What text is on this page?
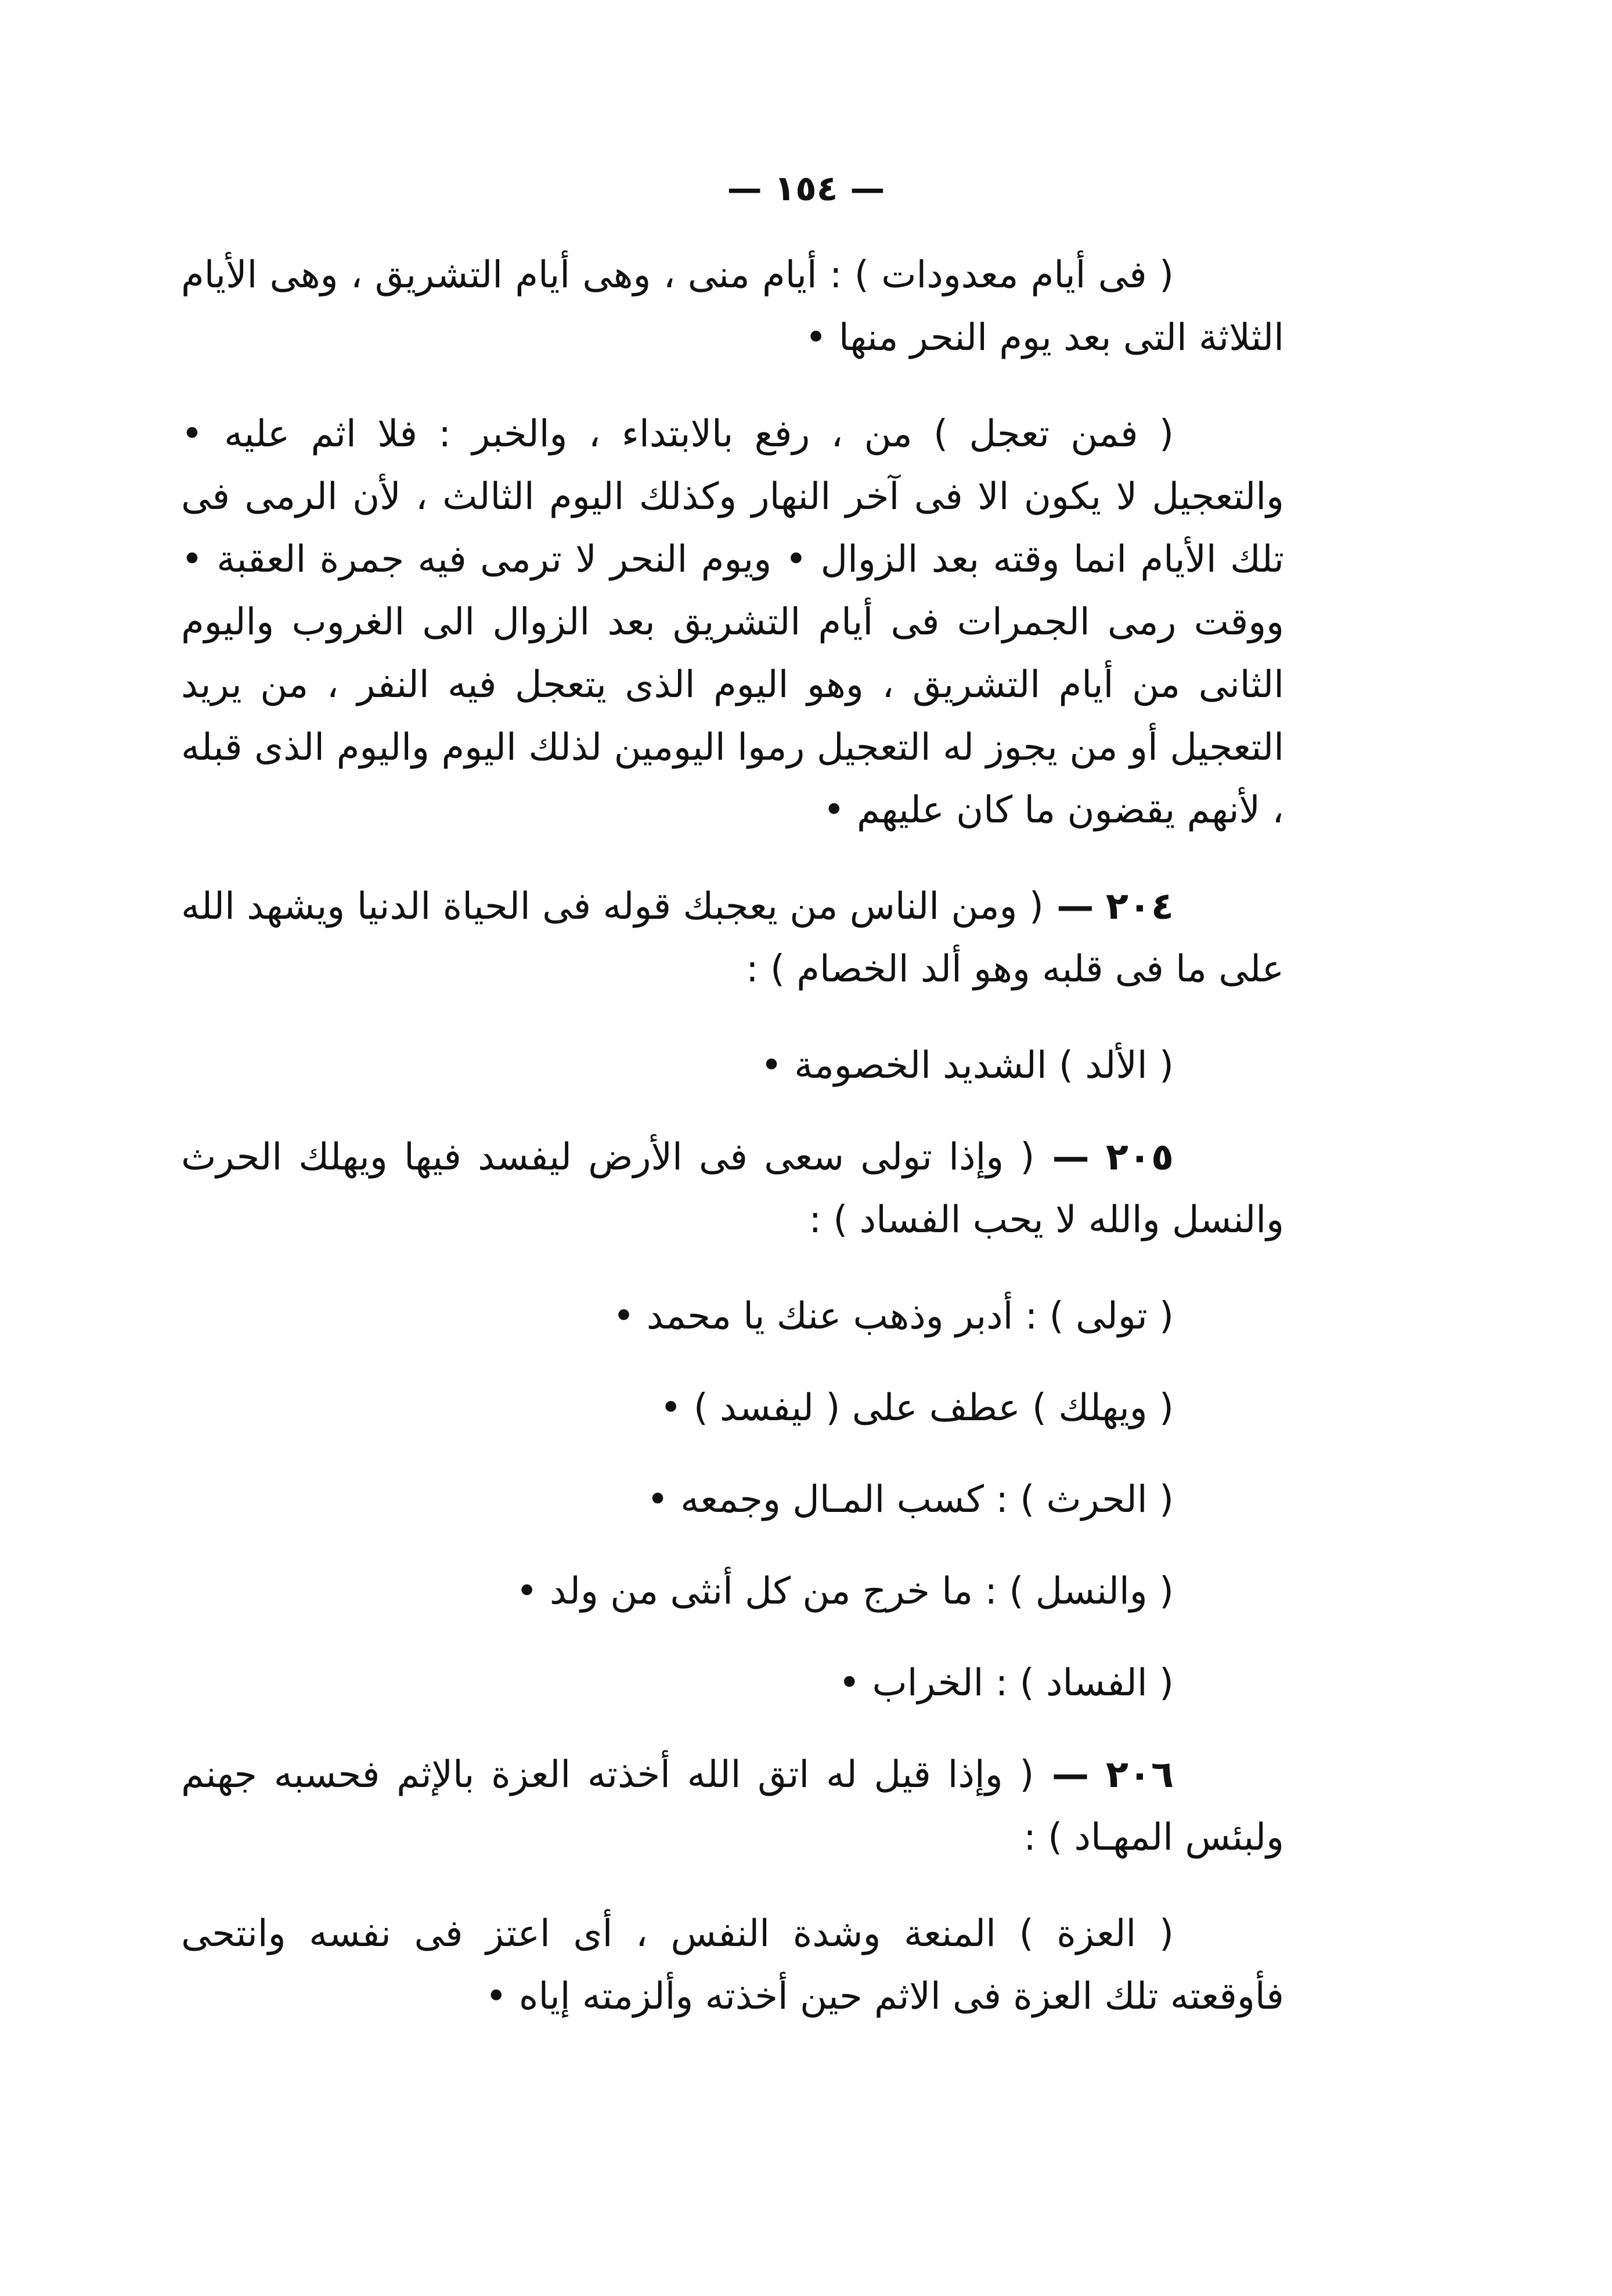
— ١٥٤ —

( فى أيام معدودات ) : أيام منى ، وهى أيام التشريق ، وهى الأيام الثلاثة التى بعد يوم النحر منها •

( فمن تعجل ) من ، رفع بالابتداء ، والخبر : فلا اثم عليه • والتعجيل لا يكون الا فى آخر النهار وكذلك اليوم الثالث ، لأن الرمى فى تلك الأيام انما وقته بعد الزوال • ويوم النحر لا ترمى فيه جمرة العقبة • ووقت رمى الجمرات فى أيام التشريق بعد الزوال الى الغروب واليوم الثانى من أيام التشريق ، وهو اليوم الذى يتعجل فيه النفر ، من يريد التعجيل أو من يجوز له التعجيل رموا اليومين لذلك اليوم واليوم الذى قبله ، لأنهم يقضون ما كان عليهم •

٢٠٤ — ( ومن الناس من يعجبك قوله فى الحياة الدنيا ويشهد الله على ما فى قلبه وهو ألد الخصام ) :

( الألد ) الشديد الخصومة •

٢٠٥ — ( وإذا تولى سعى فى الأرض ليفسد فيها ويهلك الحرث والنسل والله لا يحب الفساد ) :

( تولى ) : أدبر وذهب عنك يا محمد •

( ويهلك ) عطف على ( ليفسد ) •

( الحرث ) : كسب المـال وجمعه •

( والنسل ) : ما خرج من كل أنثى من ولد •

( الفساد ) : الخراب •

٢٠٦ — ( وإذا قيل له اتق الله أخذته العزة بالإثم فحسبه جهنم ولبئس المهـاد ) :

( العزة ) المنعة وشدة النفس ، أى اعتز فى نفسه وانتحى فأوقعته تلك العزة فى الاثم حين أخذته وألزمته إياه •
